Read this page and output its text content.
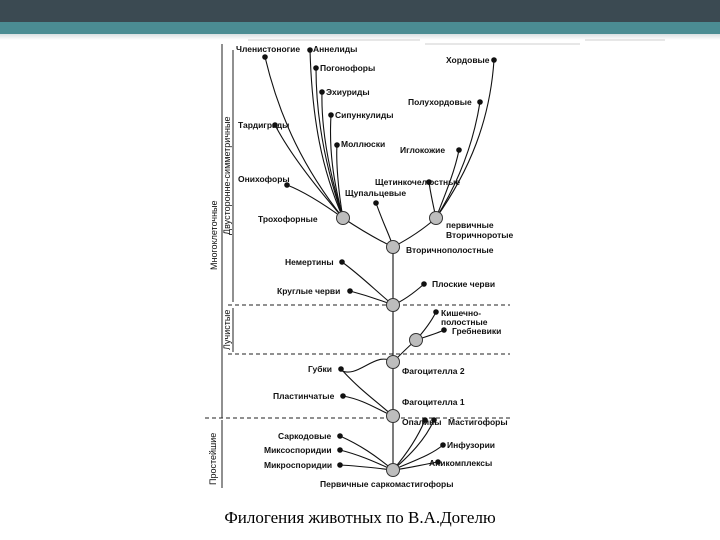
Многоклеточные
Двусторонне-симметричные
Лучистые
Простейшие
Членистоногие Аннелиды
Погонофоры
Эхиуриды
Сипункулиды
Моллюски
Тардиграды
Онихофоры
Трохофорные
Хордовые
Полухордовые
Иглокожие
Щетинкочелюстные
Щупальцевые
первичные
Вторичноротые
Вторичнополостные
Немертины
Круглые черви
Плоские черви
Кишечно-
полостные
Гребневики
Фагоцителла 2
Губки
Пластинчатые
Фагоцителла 1
Опалины Мастигофоры
Саркодовые
Миксоспоридии
Микроспоридии
Инфузории
Апикомплексы
Первичные саркомастигофоры
Филогения животных по В.А.Догелю
